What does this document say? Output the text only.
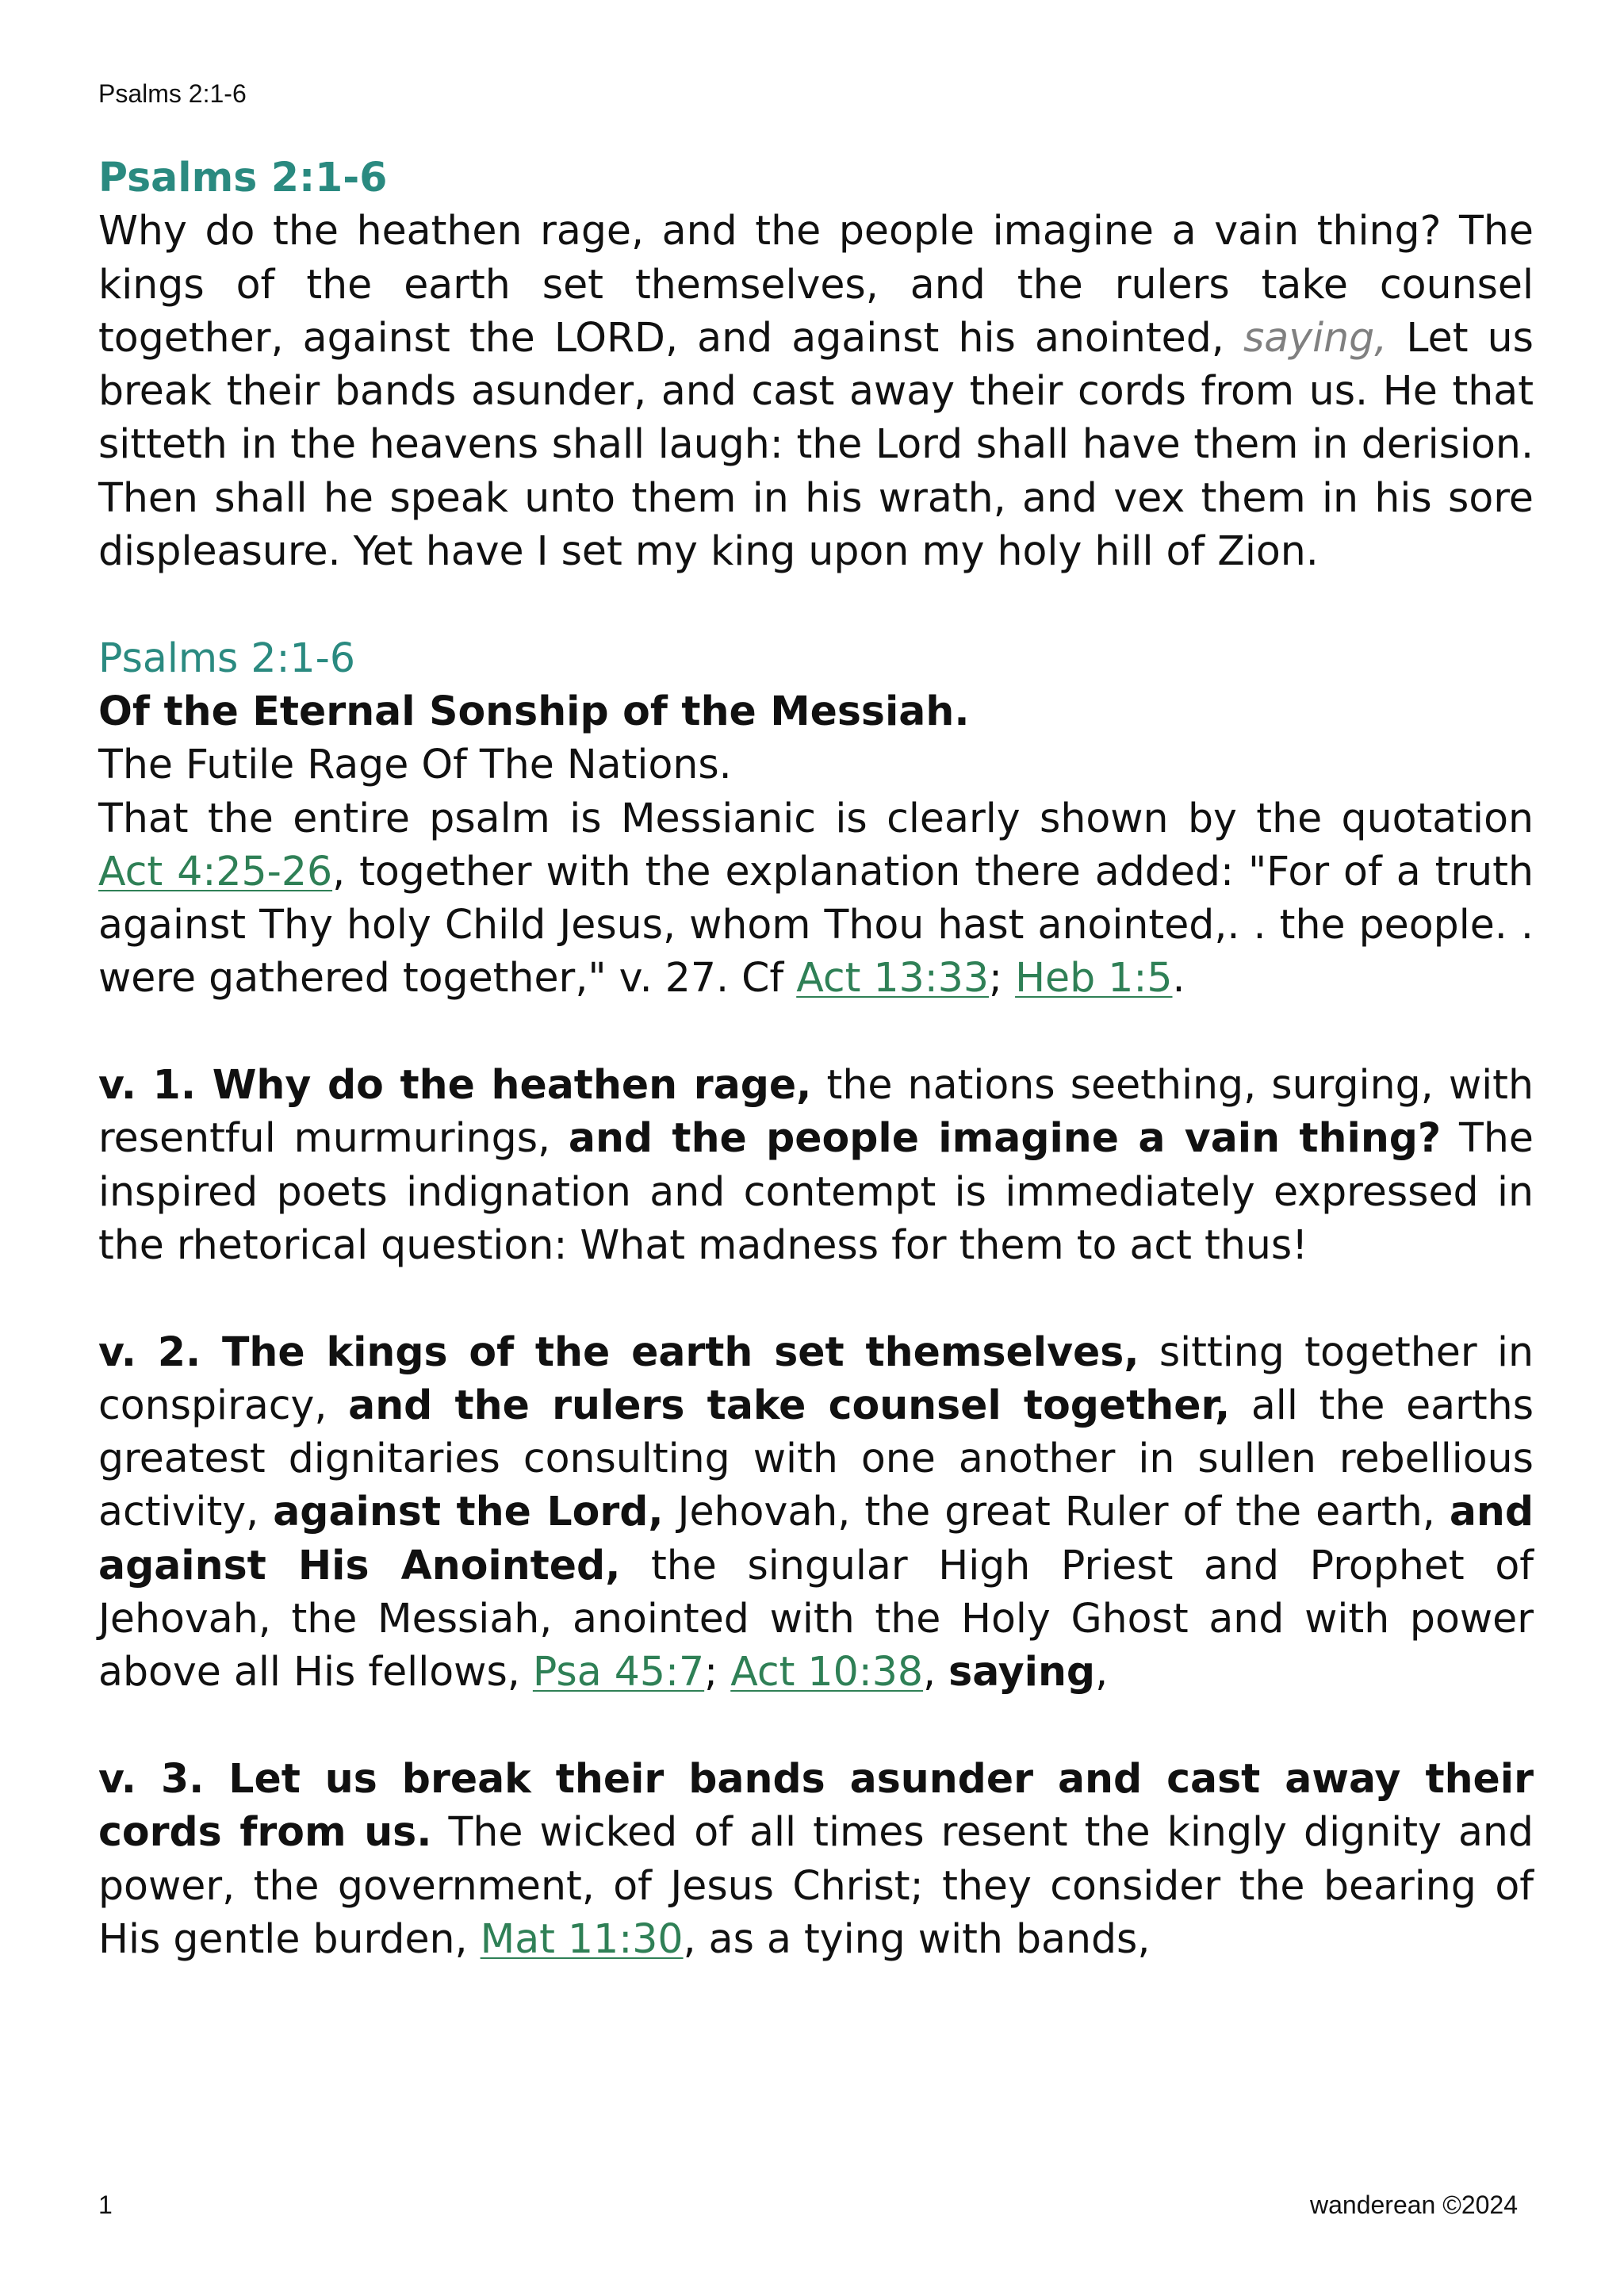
Psalms 2:1-6

Psalms 2:1-6

Why do the heathen rage, and the people imagine a vain thing? The kings of the earth set themselves, and the rulers take counsel together, against the LORD, and against his anointed, saying, Let us break their bands asunder, and cast away their cords from us. He that sitteth in the heavens shall laugh: the Lord shall have them in derision. Then shall he speak unto them in his wrath, and vex them in his sore displeasure. Yet have I set my king upon my holy hill of Zion.

Psalms 2:1-6

Of the Eternal Sonship of the Messiah.

The Futile Rage Of The Nations.

That the entire psalm is Messianic is clearly shown by the quotation Act 4:25-26, together with the explanation there added: "For of a truth against Thy holy Child Jesus, whom Thou hast anointed,. . the people. . were gathered together," v. 27. Cf Act 13:33; Heb 1:5.

v. 1. Why do the heathen rage, the nations seething, surging, with resentful murmurings, and the people imagine a vain thing? The inspired poets indignation and contempt is immediately expressed in the rhetorical question: What madness for them to act thus!

v. 2. The kings of the earth set themselves, sitting together in conspiracy, and the rulers take counsel together, all the earths greatest dignitaries consulting with one another in sullen rebellious activity, against the Lord, Jehovah, the great Ruler of the earth, and against His Anointed, the singular High Priest and Prophet of Jehovah, the Messiah, anointed with the Holy Ghost and with power above all His fellows, Psa 45:7; Act 10:38, saying,

v. 3. Let us break their bands asunder and cast away their cords from us. The wicked of all times resent the kingly dignity and power, the government, of Jesus Christ; they consider the bearing of His gentle burden, Mat 11:30, as a tying with bands,

1	wanderean ©2024
